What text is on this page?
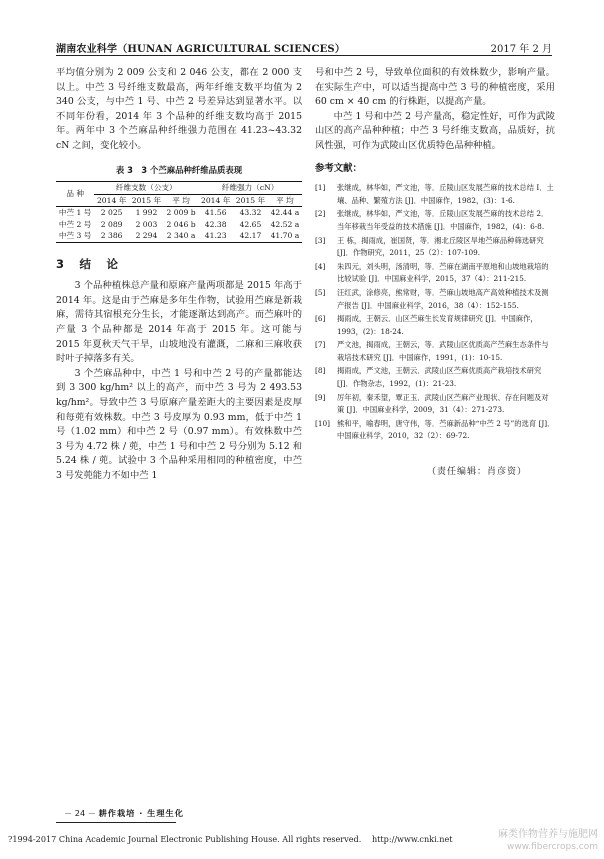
湖南农业科学（HUNAN AGRICULTURAL SCIENCES）	2017 年 2 月

平均值分别为 2 009 公支和 2 046 公支，都在 2 000 支以上。中苎 3 号纤维支数最高，两年纤维支数平均值为 2 340 公支，与中苎 1 号、中苎 2 号差异达到显著水平。以不同年份看，2014 年 3 个品种的纤维支数均高于 2015 年。两年中 3 个苎麻品种纤维强力范围在 41.23~43.32 cN 之间，变化较小。

表 3　3 个苎麻品种纤维品质表现
品 种	纤维支数（公支）			纤维强力（cN）		
	2014 年	2015 年	平 均	2014 年	2015 年	平 均
中苎 1 号	2 025	1 992	2 009 b	41.56	43.32	42.44 a
中苎 2 号	2 089	2 003	2 046 b	42.38	42.65	42.52 a
中苎 3 号	2 386	2 294	2 340 a	41.23	42.17	41.70 a
3　结　论

3 个品种植株总产量和原麻产量两项都是 2015 年高于 2014 年。这是由于苎麻是多年生作物，试验用苎麻是新栽麻，需待其宿根充分生长，才能逐渐达到高产。而苎麻叶的产量 3 个品种都是 2014 年高于 2015 年。这可能与 2015 年夏秋天气干旱，山坡地没有灌溉，二麻和三麻收获时叶子掉落多有关。

3 个苎麻品种中，中苎 1 号和中苎 2 号的产量都能达到 3 300 kg/hm² 以上的高产，而中苎 3 号为 2 493.53 kg/hm²。导致中苎 3 号原麻产量差距大的主要因素是皮厚和每蔸有效株数。中苎 3 号皮厚为 0.93 mm，低于中苎 1 号（1.02 mm）和中苎 2 号（0.97 mm）。有效株数中苎 3 号为 4.72 株 / 蔸，中苎 1 号和中苎 2 号分别为 5.12 和 5.24 株 / 蔸。试验中 3 个品种采用相同的种植密度，中苎 3 号发蔸能力不如中苎 1

号和中苎 2 号，导致单位面积的有效株数少，影响产量。在实际生产中，可以适当提高中苎 3 号的种植密度，采用 60 cm × 40 cm 的行株距，以提高产量。

中苎 1 号和中苎 2 号产量高，稳定性好，可作为武陵山区的高产品种种植；中苎 3 号纤维支数高，品质好，抗风性强，可作为武陵山区优质特色品种种植。

参考文献：
[1]	张继成，林华如，严文池，等．丘陵山区发展苎麻的技术总结 I．土壤、品种、繁殖方法 [J]．中国麻作，1982，(3)：1-6.
[2]	张继成，林华如，严文池，等．丘陵山区发展苎麻的技术总结 2．当年移栽当年受益的技术措施 [J]．中国麻作，1982，(4)：6-8.
[3]	王 栋，揭雨成，崔国贤，等．湘北丘陵区旱地苎麻品种筛选研究 [J]．作物研究，2011，25（2）：107-109.
[4]	朱四元，刘头明，汤清明，等．苎麻在湖南平原地和山坡地栽培的比较试验 [J]．中国麻业科学，2015，37（4）：211-215.
[5]	汪红武，涂修亮，熊常财，等．苎麻山坡地高产高效种植技术及测产报告 [J]．中国麻业科学，2016，38（4）：152-155.
[6]	揭雨成，王朝云．山区苎麻生长发育规律研究 [J]．中国麻作，1993，(2)：18-24.
[7]	严文池，揭雨成，王朝云，等．武陵山区优质高产苎麻生态条件与栽培技术研究 [J]．中国麻作，1991，(1)：10-15.
[8]	揭雨成，严文池，王朝云．武陵山区苎麻优质高产栽培技术研究 [J]．作物杂志，1992，(1)：21-23.
[9]	厉年初，秦禾望，覃正玉．武陵山区苎麻产业现状、存在问题及对策 [J]．中国麻业科学，2009，31（4）：271-273.
[10] 熊和平，喻春明，唐守伟，等．苎麻新品种“中苎 2 号”的选育 [J]．中国麻业科学，2010，32（2）：69-72.
（责任编辑：肖彦资）
－ 24 － 耕作栽培 · 生理生化
?1994-2017 China Academic Journal Electronic Publishing House. All rights reserved.　 http://www.cnki.net	麻类作物营养与施肥网
www.fibercrops.com
